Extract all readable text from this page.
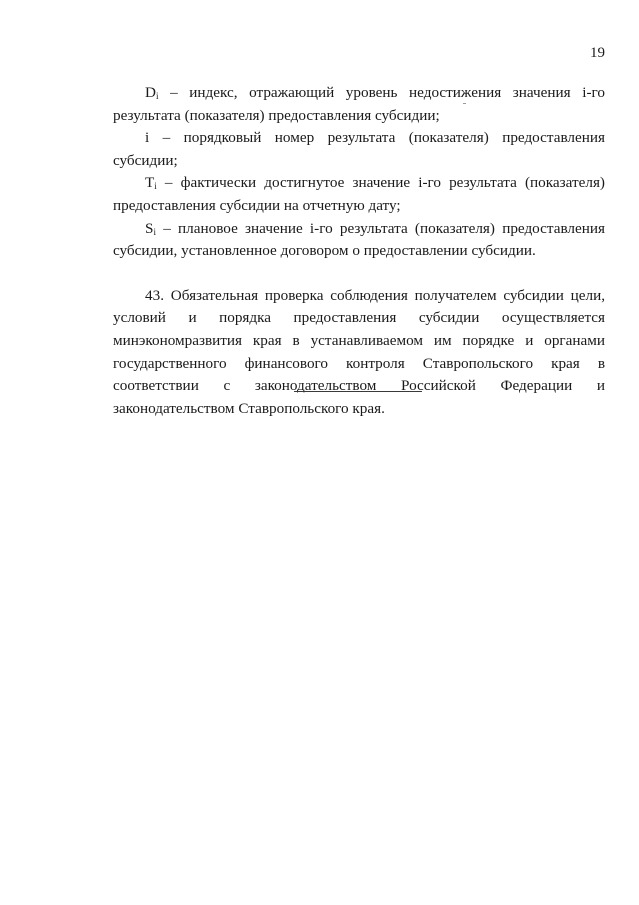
19

$D_i$ – индекс, отражающий уровень недостижения значения i-го результата (показателя) предоставления субсидии;

i – порядковый номер результата (показателя) предоставления субсидии;

$T_i$ – фактически достигнутое значение i-го результата (показателя) предоставления субсидии на отчетную дату;

$S_i$ – плановое значение i-го результата (показателя) предоставления субсидии, установленное договором о предоставлении субсидии.

43. Обязательная проверка соблюдения получателем субсидии цели, условий и порядка предоставления субсидии осуществляется минэкономразвития края в устанавливаемом им порядке и органами государственного финансового контроля Ставропольского края в соответствии с законодательством Российской Федерации и законодательством Ставропольского края.
